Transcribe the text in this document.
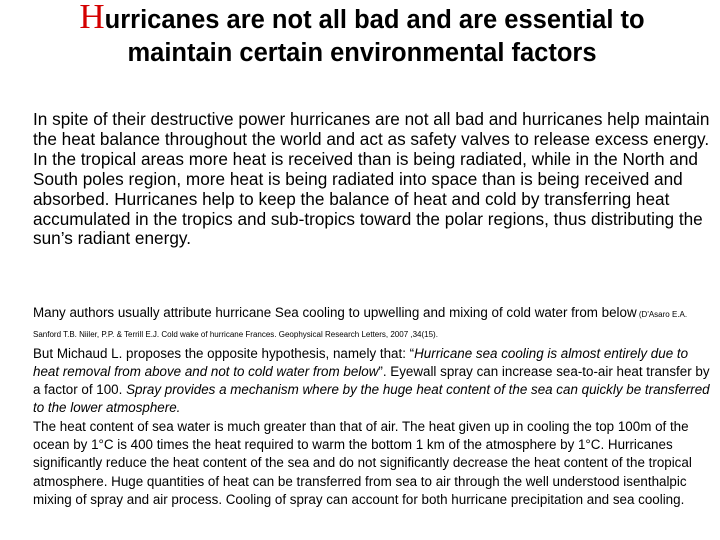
Hurricanes are not all bad and are essential to
maintain certain environmental factors

In spite of their destructive power hurricanes are not all bad and hurricanes help maintain the heat balance throughout the world and act as safety valves to release excess energy.

In the tropical areas more heat is received than is being radiated, while in the North and South poles region, more heat is being radiated into space than is being received and absorbed. Hurricanes help to keep the balance of heat and cold by transferring heat accumulated in the tropics and sub-tropics toward the polar regions, thus distributing the sun’s radiant energy.

Many authors usually attribute hurricane Sea cooling to upwelling and mixing of cold water from below (D'Asaro E.A. Sanford T.B. Niiler, P.P. & Terrill E.J. Cold wake of hurricane Frances. Geophysical Research Letters, 2007 ,34(15).

But Michaud L. proposes the opposite hypothesis, namely that: “Hurricane sea cooling is almost entirely due to heat removal from above and not to cold water from below”. Eyewall spray can increase sea-to-air heat transfer by a factor of 100. Spray provides a mechanism where by the huge heat content of the sea can quickly be transferred to the lower atmosphere.

The heat content of sea water is much greater than that of air. The heat given up in cooling the top 100m of the ocean by 1°C is 400 times the heat required to warm the bottom 1 km of the atmosphere by 1°C. Hurricanes significantly reduce the heat content of the sea and do not significantly decrease the heat content of the tropical atmosphere. Huge quantities of heat can be transferred from sea to air through the well understood isenthalpic mixing of spray and air process. Cooling of spray can account for both hurricane precipitation and sea cooling.
